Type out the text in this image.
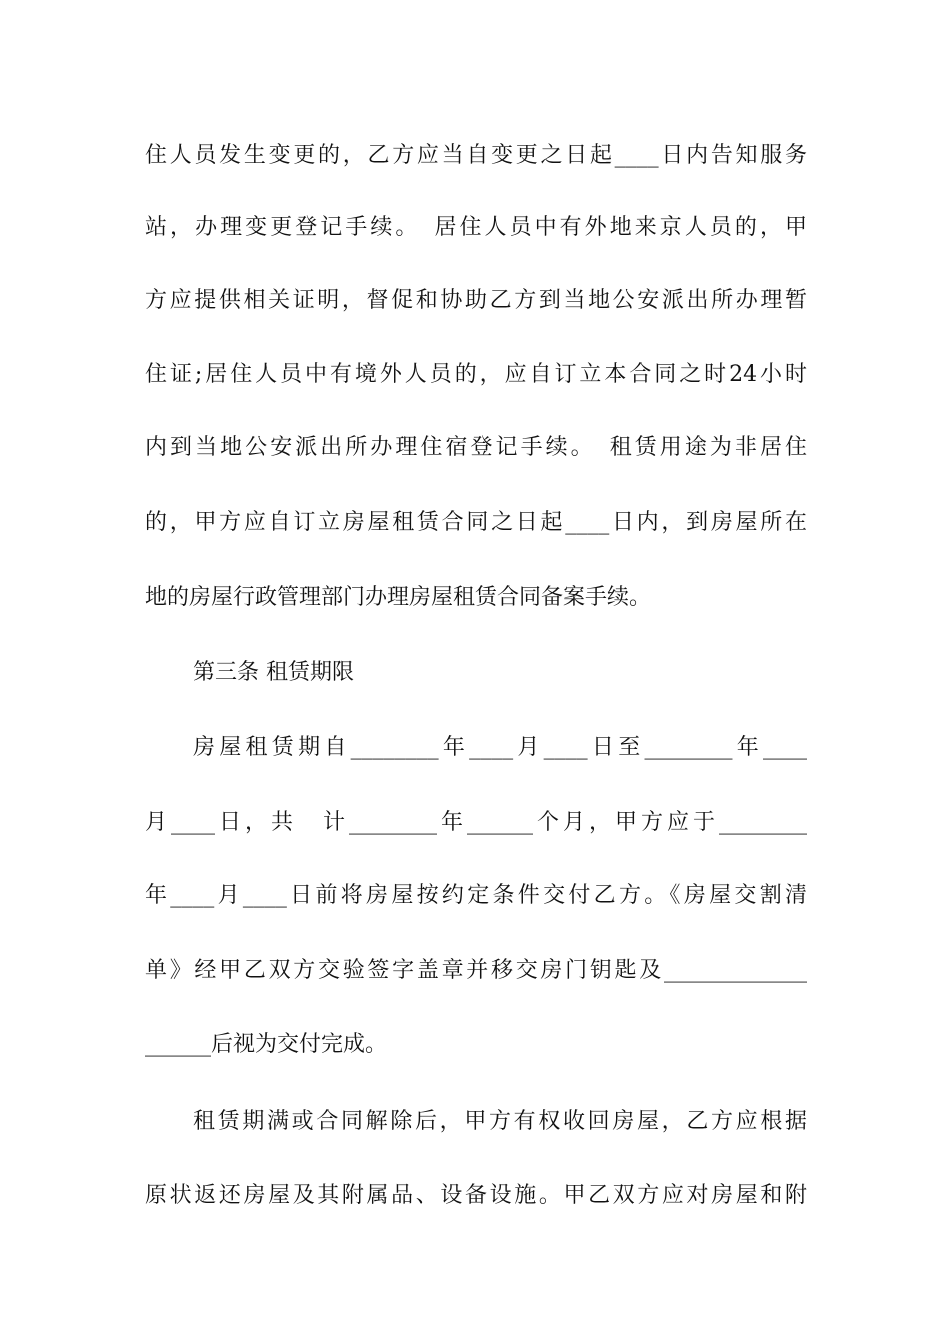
住人员发生变更的，乙方应当自变更之日起____日内告知服务
站，办理变更登记手续。　居住人员中有外地来京人员的，甲
方应提供相关证明，督促和协助乙方到当地公安派出所办理暂
住证;居住人员中有境外人员的，应自订立本合同之时24小时
内到当地公安派出所办理住宿登记手续。　租赁用途为非居住
的，甲方应自订立房屋租赁合同之日起____日内，到房屋所在
地的房屋行政管理部门办理房屋租赁合同备案手续。
第三条 租赁期限
房屋租赁期自________年____月____日至________年____
月____日，共　计________年______个月，甲方应于________
年____月____日前将房屋按约定条件交付乙方。《房屋交割清
单》经甲乙双方交验签字盖章并移交房门钥匙及_____________
______后视为交付完成。
租赁期满或合同解除后，甲方有权收回房屋，乙方应根据
原状返还房屋及其附属品、设备设施。甲乙双方应对房屋和附
